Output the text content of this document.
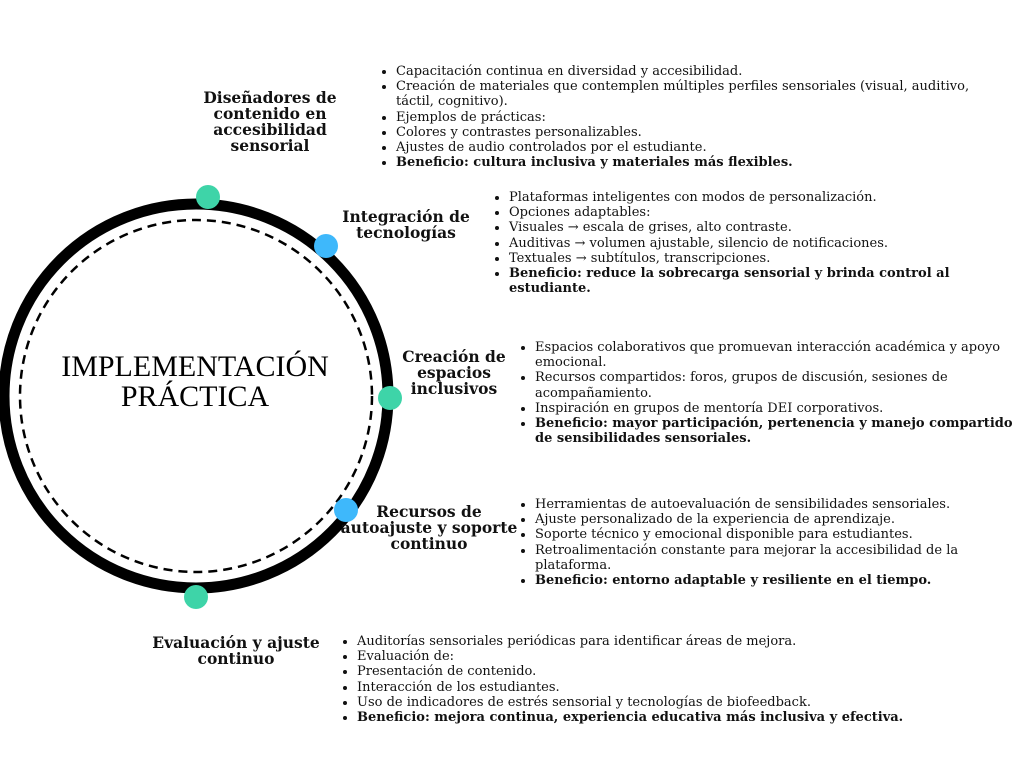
IMPLEMENTACIÓN
PRÁCTICA
Diseñadores de
contenido en
accesibilidad
sensorial
• Capacitación continua en diversidad y accesibilidad.
• Creación de materiales que contemplen múltiples perfiles sensoriales (visual, auditivo, táctil, cognitivo).
• Ejemplos de prácticas:
• Colores y contrastes personalizables.
• Ajustes de audio controlados por el estudiante.
• Beneficio: cultura inclusiva y materiales más flexibles.
Integración de
tecnologías
• Plataformas inteligentes con modos de personalización.
• Opciones adaptables:
• Visuales → escala de grises, alto contraste.
• Auditivas → volumen ajustable, silencio de notificaciones.
• Textuales → subtítulos, transcripciones.
• Beneficio: reduce la sobrecarga sensorial y brinda control al estudiante.
Creación de
espacios
inclusivos
• Espacios colaborativos que promuevan interacción académica y apoyo emocional.
• Recursos compartidos: foros, grupos de discusión, sesiones de acompañamiento.
• Inspiración en grupos de mentoría DEI corporativos.
• Beneficio: mayor participación, pertenencia y manejo compartido de sensibilidades sensoriales.
Recursos de
autoajuste y soporte
continuo
• Herramientas de autoevaluación de sensibilidades sensoriales.
• Ajuste personalizado de la experiencia de aprendizaje.
• Soporte técnico y emocional disponible para estudiantes.
• Retroalimentación constante para mejorar la accesibilidad de la plataforma.
• Beneficio: entorno adaptable y resiliente en el tiempo.
Evaluación y ajuste
continuo
• Auditorías sensoriales periódicas para identificar áreas de mejora.
• Evaluación de:
• Presentación de contenido.
• Interacción de los estudiantes.
• Uso de indicadores de estrés sensorial y tecnologías de biofeedback.
• Beneficio: mejora continua, experiencia educativa más inclusiva y efectiva.
